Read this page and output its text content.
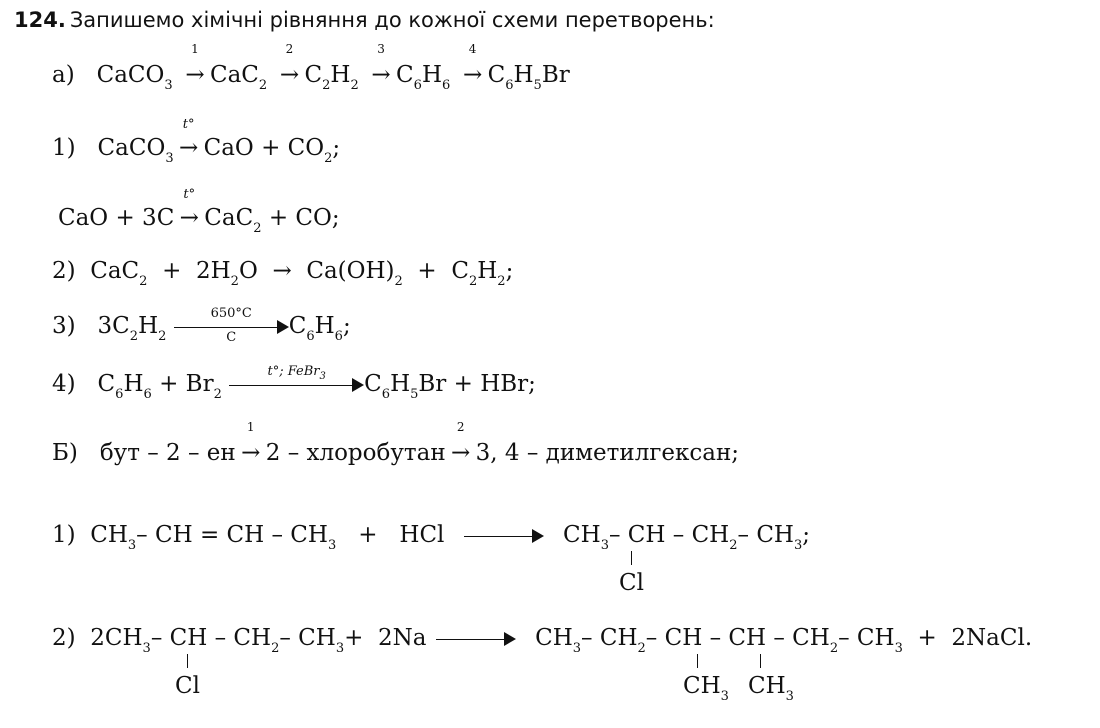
124. Запишемо хімічні рівняння до кожної схеми перетворень:
а) CaCO$_3$
1
→ CaC$_2$
2
→ $C_2H_2$
3
→ $C_6H_6$
4
→ $C_6H_5Br$
1) CaCO$_3$
t°
→ CaO + $CO_2$;
CaO + 3C
t°
→ CaC$_2$ + CO;
2) $CaC_2 + 2H_2O \to Ca(OH)_2 + C_2H_2$;
3) $3C_2H_2 \frac{650^\circ C}{C} C_6H_6$;
4) $C_6H_6 + Br_2$
t°; FeBr$_3$	$C_6H_5Br$ + HBr;
Б) бут – 2 – ен
1
→ 2 – хлоробутан
2
→ 3, 4 – диметилгексан;
1) $CH_3-$ CH = CH – $CH_3$ + HCl	$CH_3-$ CH – $CH_2-$ $CH_3$;
Cl
2) $2CH_3-$ CH – $CH_2-$ $CH_3+ 2Na$	$CH_3-$ $CH_2-$ CH – CH – $CH_2-$ $CH_3$ + 2NaCl.
Cl	$CH_3$ $CH_3$
